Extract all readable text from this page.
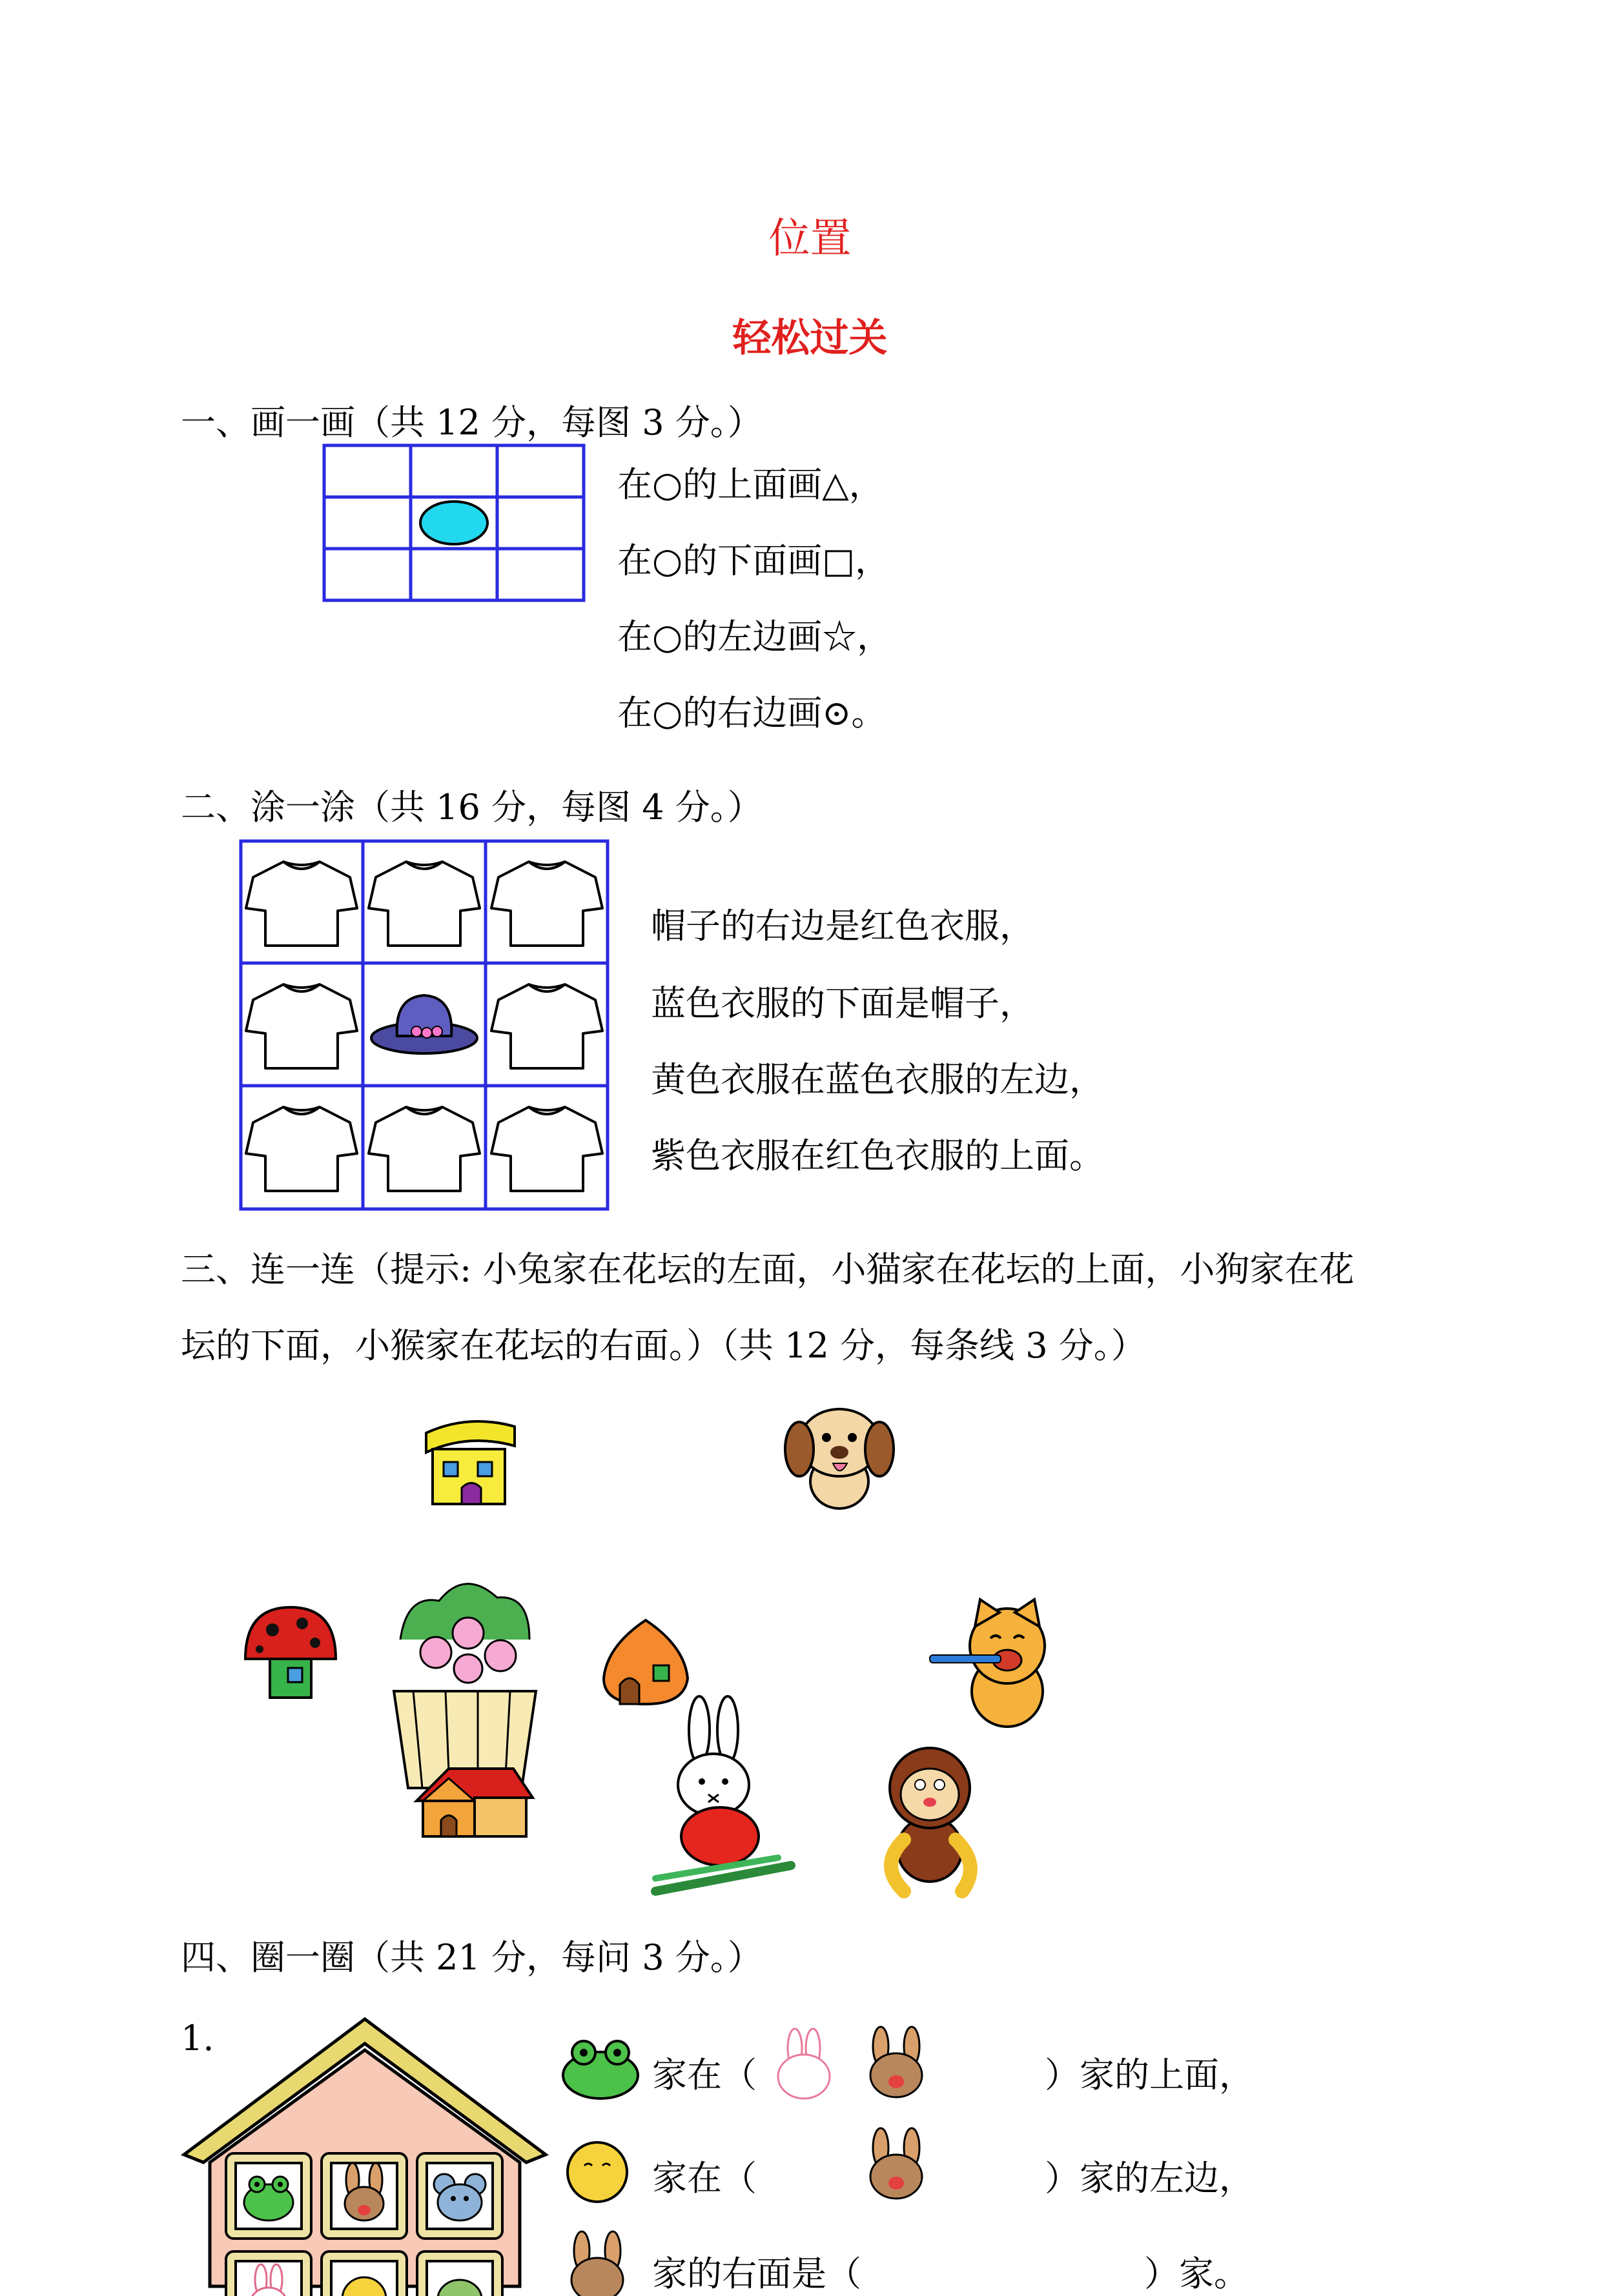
位置
轻松过关
一、画一画（共 12 分，每图 3 分。）
在○的上面画△，
在○的下面画□，
在○的左边画☆，
在○的右边画⊙。
二、涂一涂（共 16 分，每图 4 分。）
帽子的右边是红色衣服，
蓝色衣服的下面是帽子，
黄色衣服在蓝色衣服的左边，
紫色衣服在红色衣服的上面。
三、连一连（提示: 小兔家在花坛的左面，小猫家在花坛的上面，小狗家在花
坛的下面，小猴家在花坛的右面。）（共 12 分，每条线 3 分。）
四、圈一圈（共 21 分，每问 3 分。）
1.
家在（	）家的上面，
家在（	）家的左边，
家的右面是（	）家。
